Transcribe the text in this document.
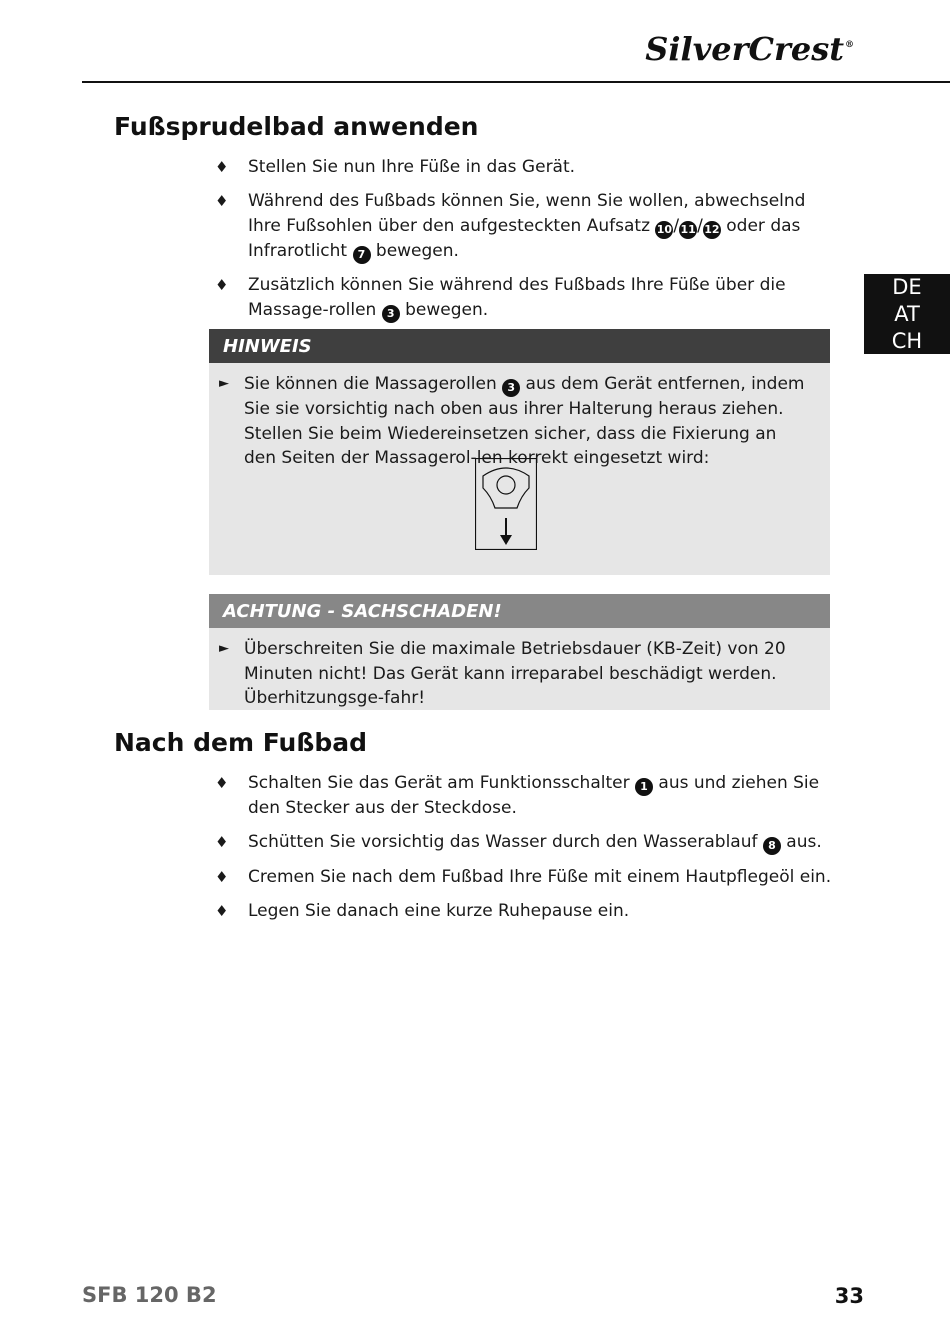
SilverCrest®
DE
AT
CH
Fußsprudelbad anwenden
♦ Stellen Sie nun Ihre Füße in das Gerät.
♦ Während des Fußbads können Sie, wenn Sie wollen, abwechselnd Ihre Fußsohlen über den aufgesteckten Aufsatz 10/11/12 oder das Infrarotlicht 7 bewegen.
♦ Zusätzlich können Sie während des Fußbads Ihre Füße über die Massage-rollen 3 bewegen.
HINWEIS
► Sie können die Massagerollen 3 aus dem Gerät entfernen, indem Sie sie vorsichtig nach oben aus ihrer Halterung heraus ziehen. Stellen Sie beim Wiedereinsetzen sicher, dass die Fixierung an den Seiten der Massagerol-len korrekt eingesetzt wird:
ACHTUNG - SACHSCHADEN!
► Überschreiten Sie die maximale Betriebsdauer (KB-Zeit) von 20 Minuten nicht! Das Gerät kann irreparabel beschädigt werden. Überhitzungsge-fahr!
Nach dem Fußbad
♦ Schalten Sie das Gerät am Funktionsschalter 1 aus und ziehen Sie den Stecker aus der Steckdose.
♦ Schütten Sie vorsichtig das Wasser durch den Wasserablauf 8 aus.
♦ Cremen Sie nach dem Fußbad Ihre Füße mit einem Hautpflegeöl ein.
♦ Legen Sie danach eine kurze Ruhepause ein.
SFB 120 B2	33
